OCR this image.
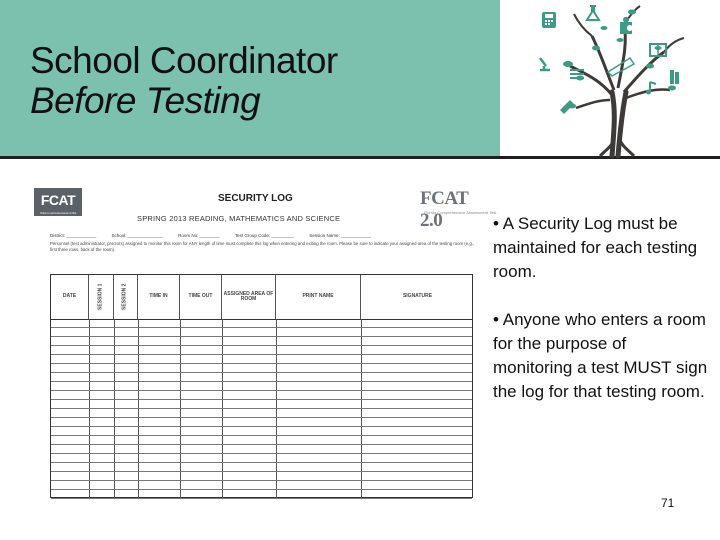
School Coordinator
Before Testing
FCAT
Florida Comprehensive Assessment Test
FCAT 2.0
Florida Comprehensive Assessment Test
SECURITY LOG
SPRING 2013 READING, MATHEMATICS AND SCIENCE
District: ____________	School: ______________	Room No: ________	Test Group Code: _________	Session Name: ____________
Personnel (test administrator, proctors) assigned to monitor this room for ANY length of time must complete this log when entering and exiting the room. Please be sure to indicate your assigned area of the testing room (e.g., first three rows, back of the room).
DATE	SESSION 1	SESSION 2	TIME IN	TIME OUT	ASSIGNED AREA OF ROOM	PRINT NAME	SIGNATURE
• A Security Log must be maintained for each testing room.
• Anyone who enters a room for the purpose of monitoring a test MUST sign the log for that testing room.
71
